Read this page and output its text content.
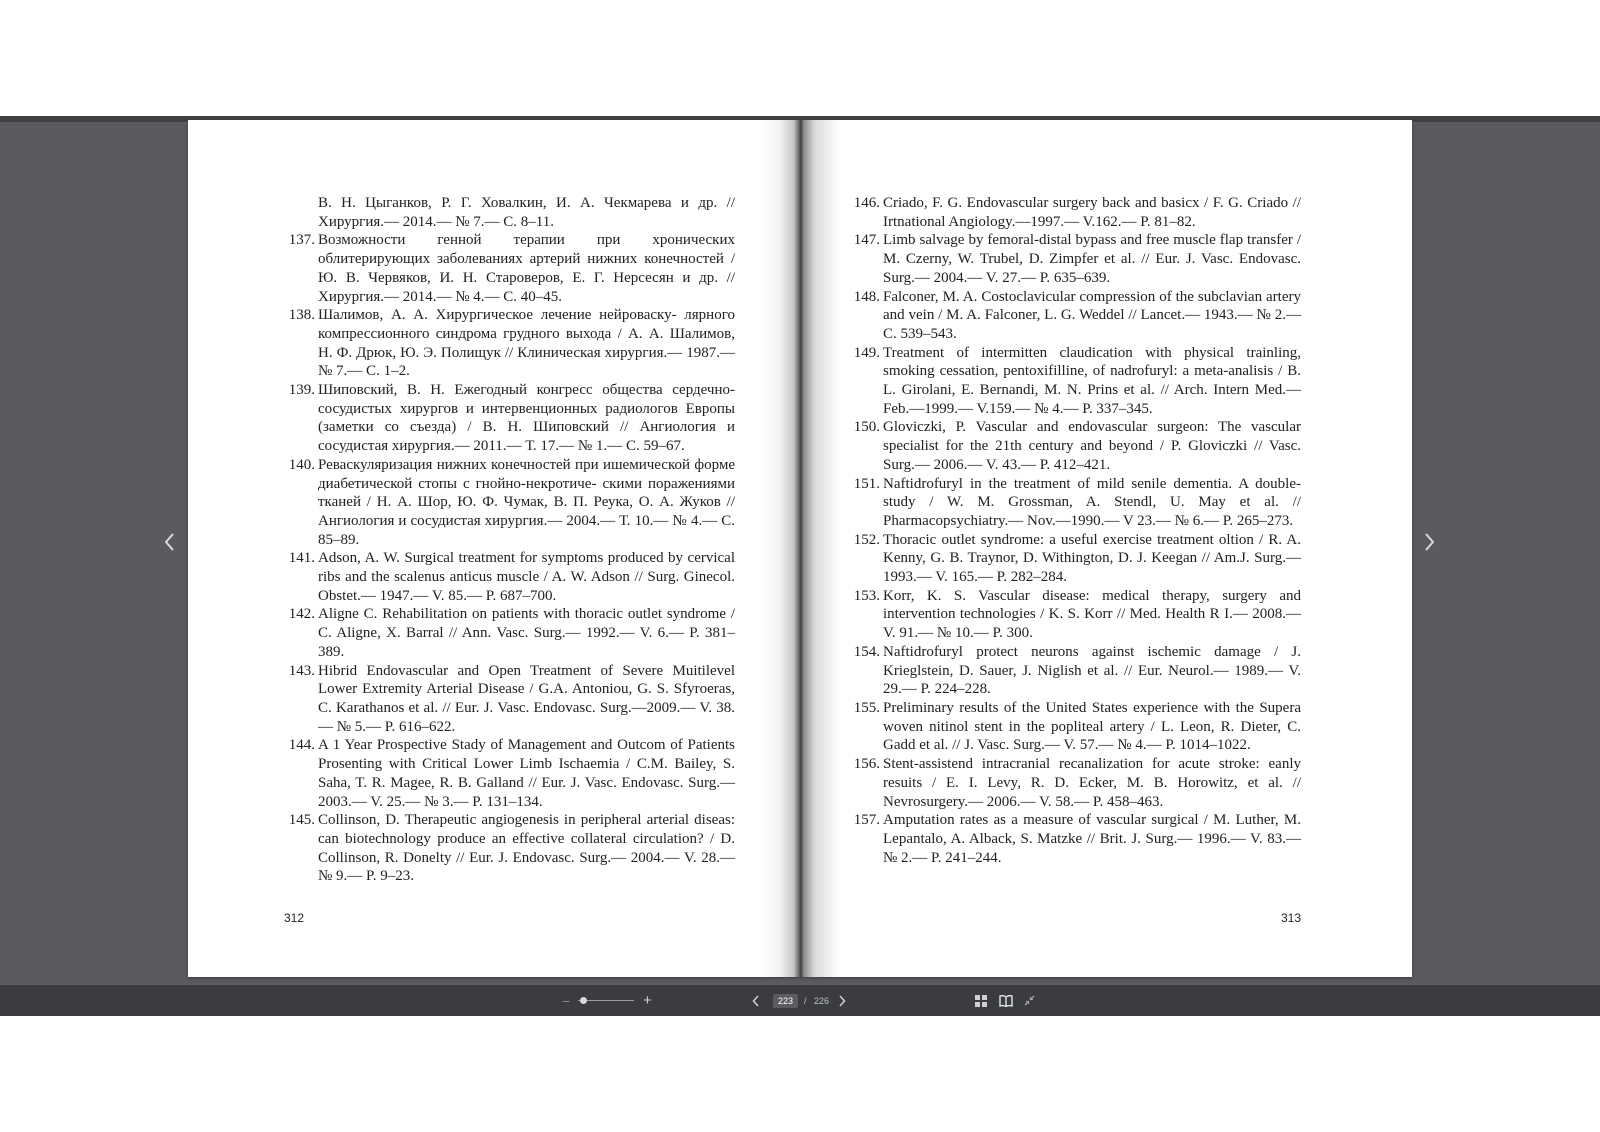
В. Н. Цыганков, Р. Г. Ховалкин, И. А. Чекмарева и др. // Хирургия.— 2014.— № 7.— С. 8–11.
137. Возможности генной терапии при хронических облитерирующих заболеваниях артерий нижних конечностей / Ю. В. Червяков, И. Н. Староверов, Е. Г. Нерсесян и др. // Хирургия.— 2014.— № 4.— С. 40–45.
138. Шалимов, А. А. Хирургическое лечение нейроваску- лярного компрессионного синдрома грудного выхода / А. А. Шалимов, Н. Ф. Дрюк, Ю. Э. Полищук // Клиническая хирургия.— 1987.— № 7.— С. 1–2.
139. Шиповский, В. Н. Ежегодный конгресс общества сердечно-сосудистых хирургов и интервенционных радиологов Европы (заметки со съезда) / В. Н. Шиповский // Ангиология и сосудистая хирургия.— 2011.— Т. 17.— № 1.— С. 59–67.
140. Реваскуляризация нижних конечностей при ишемической форме диабетической стопы с гнойно-некротиче- скими поражениями тканей / Н. А. Шор, Ю. Ф. Чумак, В. П. Реука, О. А. Жуков // Ангиология и сосудистая хирургия.— 2004.— Т. 10.— № 4.— С. 85–89.
141. Adson, A. W. Surgical treatment for symptoms produced by cervical ribs and the scalenus anticus muscle / A. W. Adson // Surg. Ginecol. Obstet.— 1947.— V. 85.— P. 687–700.
142. Aligne C. Rehabilitation on patients with thoracic outlet syndrome / C. Aligne, X. Barral // Ann. Vasc. Surg.— 1992.— V. 6.— P. 381–389.
143. Hibrid Endovascular and Open Treatment of Severe Muitilevel Lower Extremity Arterial Disease / G.A. Antoniou, G. S. Sfyroeras, C. Karathanos et al. // Eur. J. Vasc. Endovasc. Surg.—2009.— V. 38.— № 5.— P. 616–622.
144. A 1 Year Prospective Stady of Management and Outcom of Patients Prosenting with Critical Lower Limb Ischaemia / C.M. Bailey, S. Saha, T. R. Magee, R. B. Galland // Eur. J. Vasc. Endovasc. Surg.— 2003.— V. 25.— № 3.— P. 131–134.
145. Collinson, D. Therapeutic angiogenesis in peripheral arterial diseas: can biotechnology produce an effective collateral circulation? / D. Collinson, R. Donelty // Eur. J. Endovasc. Surg.— 2004.— V. 28.— № 9.— P. 9–23.
312
146. Criado, F. G. Endovascular surgery back and basicx / F. G. Criado // Irtnational Angiology.—1997.— V.162.— P. 81–82.
147. Limb salvage by femoral-distal bypass and free muscle flap transfer / M. Czerny, W. Trubel, D. Zimpfer et al. // Eur. J. Vasc. Endovasc. Surg.— 2004.— V. 27.— P. 635–639.
148. Falconer, M. A. Costoclavicular compression of the subclavian artery and vein / M. A. Falconer, L. G. Weddel // Lancet.— 1943.— № 2.— C. 539–543.
149. Treatment of intermitten claudication with physical trainling, smoking cessation, pentoxifilline, of nadrofuryl: a meta-analisis / B. L. Girolani, E. Bernandi, M. N. Prins et al. // Arch. Intern Med.— Feb.—1999.— V.159.— № 4.— P. 337–345.
150. Gloviczki, P. Vascular and endovascular surgeon: The vascular specialist for the 21th century and beyond / P. Gloviczki // Vasc. Surg.— 2006.— V. 43.— P. 412–421.
151. Naftidrofuryl in the treatment of mild senile dementia. A double-study / W. M. Grossman, A. Stendl, U. May et al. // Pharmacopsychiatry.— Nov.—1990.— V 23.— № 6.— P. 265–273.
152. Thoracic outlet syndrome: a useful exercise treatment oltion / R. A. Kenny, G. B. Traynor, D. Withington, D. J. Keegan // Am.J. Surg.— 1993.— V. 165.— P. 282–284.
153. Korr, K. S. Vascular disease: medical therapy, surgery and intervention technologies / K. S. Korr // Med. Health R I.— 2008.— V. 91.— № 10.— P. 300.
154. Naftidrofuryl protect neurons against ischemic damage / J. Krieglstein, D. Sauer, J. Niglish et al. // Eur. Neurol.— 1989.— V. 29.— P. 224–228.
155. Preliminary results of the United States experience with the Supera woven nitinol stent in the popliteal artery / L. Leon, R. Dieter, C. Gadd et al. // J. Vasc. Surg.— V. 57.— № 4.— P. 1014–1022.
156. Stent-assistend intracranial recanalization for acute stroke: eanly resuits / E. I. Levy, R. D. Ecker, M. B. Horowitz, et al. // Nevrosurgery.— 2006.— V. 58.— P. 458–463.
157. Amputation rates as a measure of vascular surgical / M. Luther, M. Lepantalo, A. Alback, S. Matzke // Brit. J. Surg.— 1996.— V. 83.— № 2.— P. 241–244.
313
−	+	223	/ 226
